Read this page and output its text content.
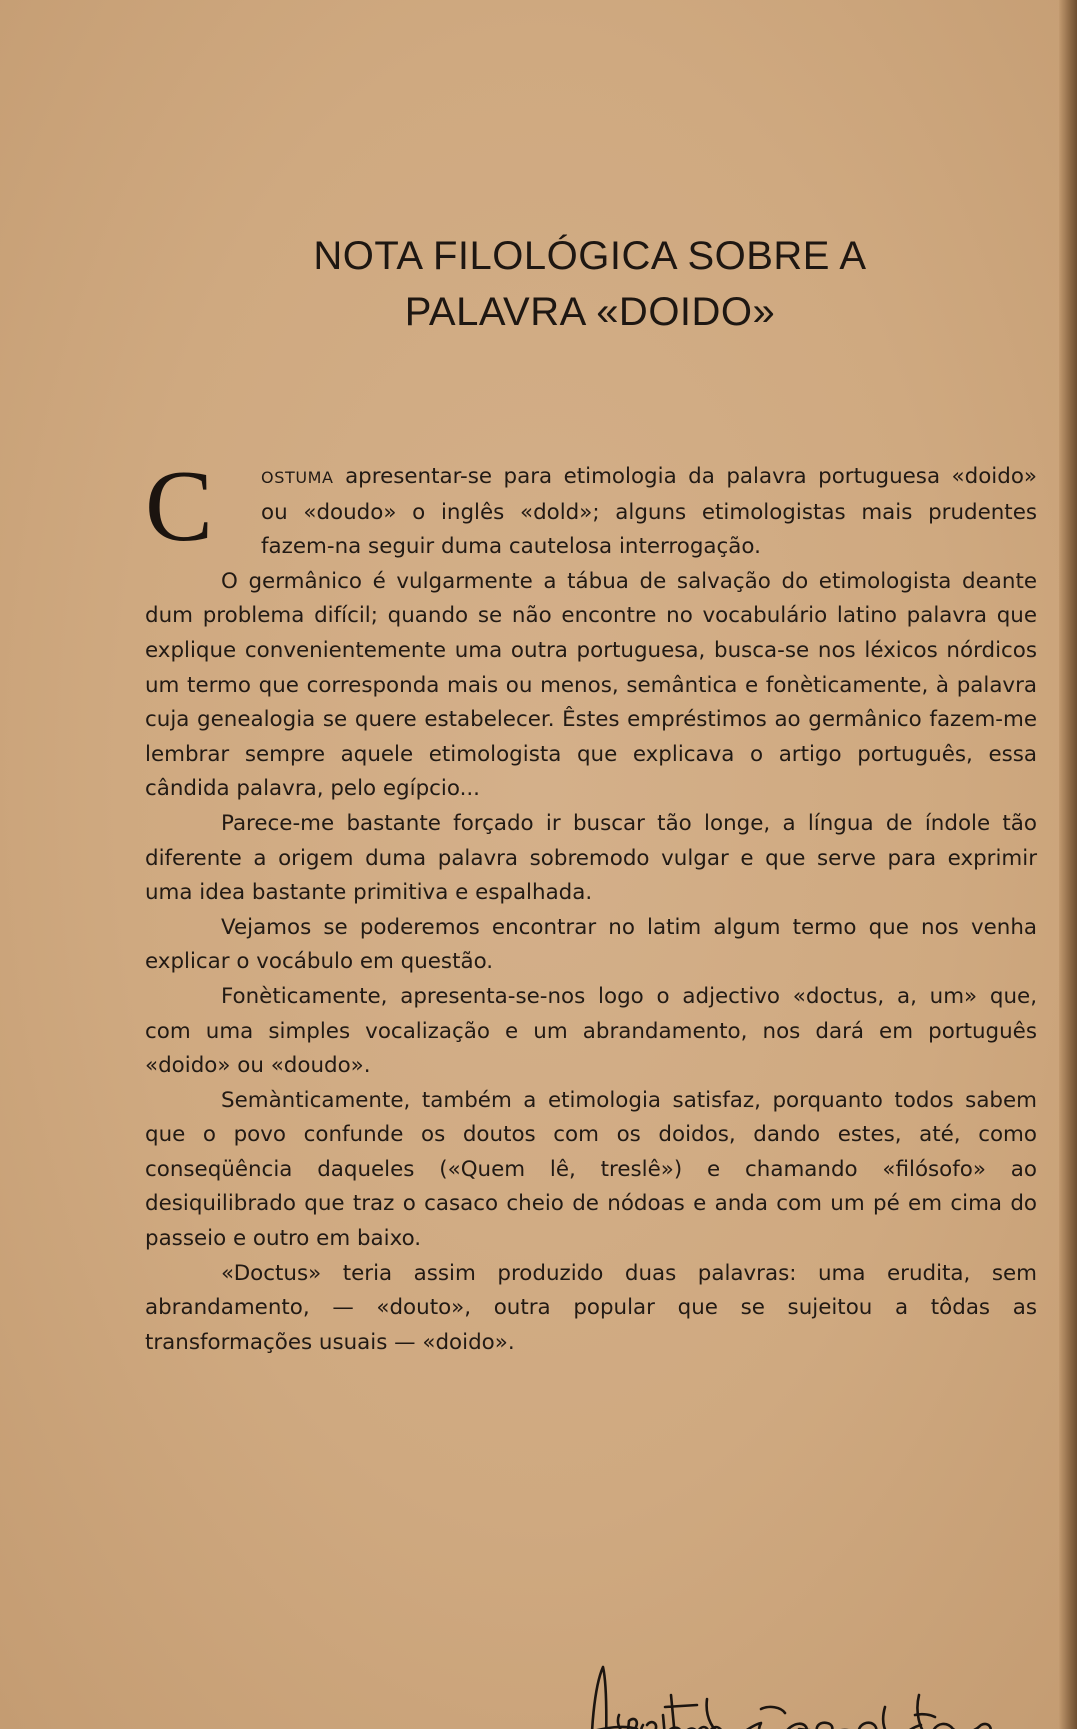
NOTA FILOLÓGICA SOBRE A
PALAVRA «DOIDO»

C	OSTUMA apresentar-se para etimologia da palavra portuguesa «doido» ou «doudo» o inglês «dold»; alguns etimologistas mais prudentes fazem-na seguir duma cautelosa interrogação.

O germânico é vulgarmente a tábua de salvação do etimologista deante dum problema difícil; quando se não encontre no vocabulário latino palavra que explique convenientemente uma outra portuguesa, busca-se nos léxicos nórdicos um termo que corresponda mais ou menos, semântica e fonèticamente, à palavra cuja genealogia se quere estabelecer. Êstes empréstimos ao germânico fazem-me lembrar sempre aquele etimologista que explicava o artigo português, essa cândida palavra, pelo egípcio...

Parece-me bastante forçado ir buscar tão longe, a língua de índole tão diferente a origem duma palavra sobremodo vulgar e que serve para exprimir uma idea bastante primitiva e espalhada.

Vejamos se poderemos encontrar no latim algum termo que nos venha explicar o vocábulo em questão.

Fonèticamente, apresenta-se-nos logo o adjectivo «doctus, a, um» que, com uma simples vocalização e um abrandamento, nos dará em português «doido» ou «doudo».

Semànticamente, também a etimologia satisfaz, porquanto todos sabem que o povo confunde os doutos com os doidos, dando estes, até, como conseqüência daqueles («Quem lê, treslê») e chamando «filósofo» ao desiquilibrado que traz o casaco cheio de nódoas e anda com um pé em cima do passeio e outro em baixo.

«Doctus» teria assim produzido duas palavras: uma erudita, sem abrandamento, — «douto», outra popular que se sujeitou a tôdas as transformações usuais — «doido».
